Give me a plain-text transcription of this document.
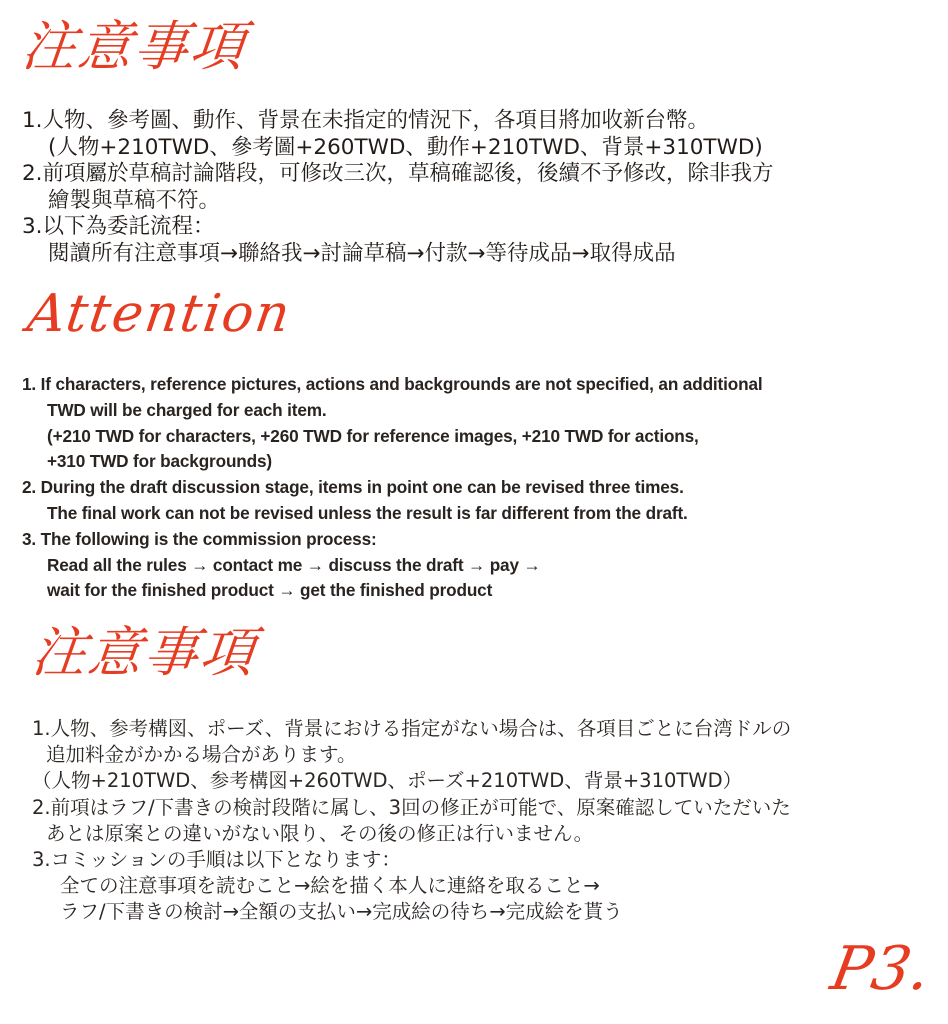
注意事項
1.人物、參考圖、動作、背景在未指定的情況下，各項目將加收新台幣。
(人物+210TWD、參考圖+260TWD、動作+210TWD、背景+310TWD)
2.前項屬於草稿討論階段，可修改三次，草稿確認後，後續不予修改，除非我方
繪製與草稿不符。
3.以下為委託流程：
閱讀所有注意事項→聯絡我→討論草稿→付款→等待成品→取得成品
Attention
1. If characters, reference pictures, actions and backgrounds are not specified, an additional
TWD will be charged for each item.
(+210 TWD for characters, +260 TWD for reference images, +210 TWD for actions,
+310 TWD for backgrounds)
2. During the draft discussion stage, items in point one can be revised three times.
The final work can not be revised unless the result is far different from the draft.
3. The following is the commission process:
Read all the rules → contact me → discuss the draft → pay →
wait for the finished product → get the finished product
注意事項
1.人物、参考構図、ポーズ、背景における指定がない場合は、各項目ごとに台湾ドルの
追加料金がかかる場合があります。
（人物+210TWD、参考構図+260TWD、ポーズ+210TWD、背景+310TWD）
2.前項はラフ/下書きの検討段階に属し、3回の修正が可能で、原案確認していただいた
あとは原案との違いがない限り、その後の修正は行いません。
3.コミッションの手順は以下となります：
全ての注意事項を読むこと→絵を描く本人に連絡を取ること→
ラフ/下書きの検討→全額の支払い→完成絵の待ち→完成絵を貰う
P3.
